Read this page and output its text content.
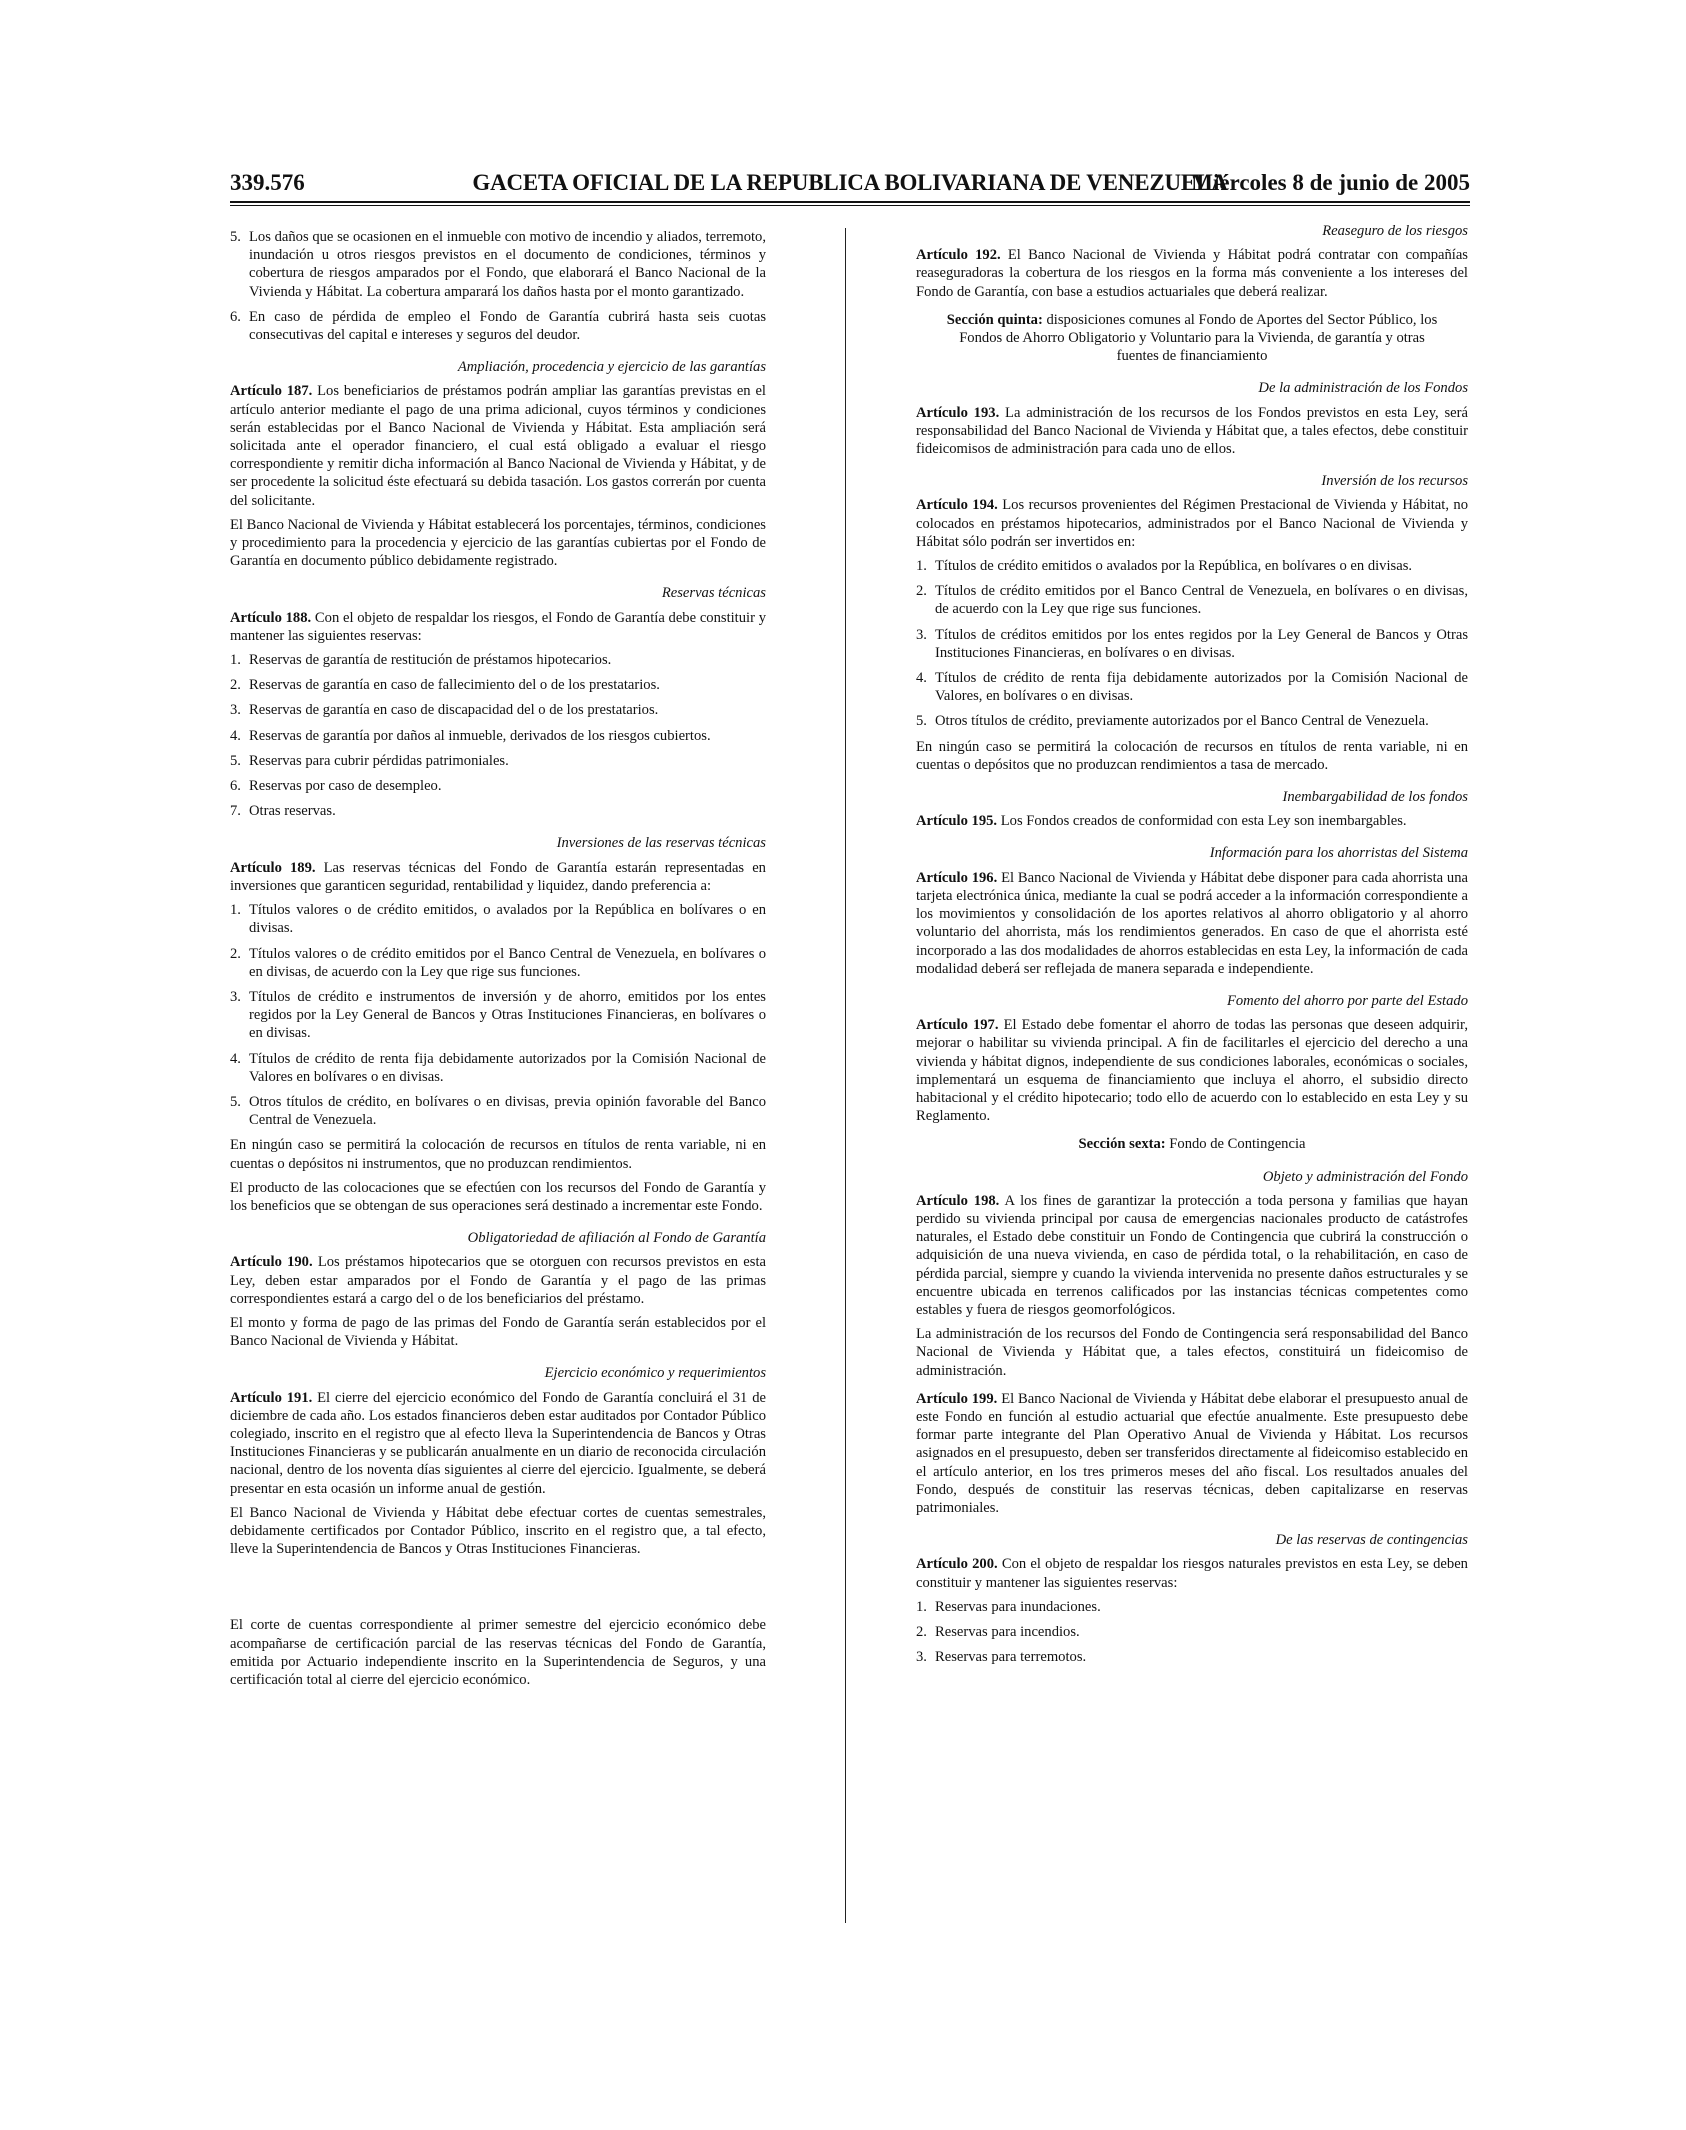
339.576	GACETA OFICIAL DE LA REPUBLICA BOLIVARIANA DE VENEZUELA
Miércoles 8 de junio de 2005
5. Los daños que se ocasionen en el inmueble con motivo de incendio y aliados, terremoto, inundación u otros riesgos previstos en el documento de condiciones, términos y cobertura de riesgos amparados por el Fondo, que elaborará el Banco Nacional de la Vivienda y Hábitat. La cobertura amparará los daños hasta por el monto garantizado.
6. En caso de pérdida de empleo el Fondo de Garantía cubrirá hasta seis cuotas consecutivas del capital e intereses y seguros del deudor.
Ampliación, procedencia y ejercicio de las garantías

Artículo 187. Los beneficiarios de préstamos podrán ampliar las garantías previstas en el artículo anterior mediante el pago de una prima adicional, cuyos términos y condiciones serán establecidas por el Banco Nacional de Vivienda y Hábitat. Esta ampliación será solicitada ante el operador financiero, el cual está obligado a evaluar el riesgo correspondiente y remitir dicha información al Banco Nacional de Vivienda y Hábitat, y de ser procedente la solicitud éste efectuará su debida tasación. Los gastos correrán por cuenta del solicitante.

El Banco Nacional de Vivienda y Hábitat establecerá los porcentajes, términos, condiciones y procedimiento para la procedencia y ejercicio de las garantías cubiertas por el Fondo de Garantía en documento público debidamente registrado.

Reservas técnicas

Artículo 188. Con el objeto de respaldar los riesgos, el Fondo de Garantía debe constituir y mantener las siguientes reservas:

1. Reservas de garantía de restitución de préstamos hipotecarios.
2. Reservas de garantía en caso de fallecimiento del o de los prestatarios.
3. Reservas de garantía en caso de discapacidad del o de los prestatarios.
4. Reservas de garantía por daños al inmueble, derivados de los riesgos cubiertos.
5. Reservas para cubrir pérdidas patrimoniales.
6. Reservas por caso de desempleo.
7. Otras reservas.
Inversiones de las reservas técnicas

Artículo 189. Las reservas técnicas del Fondo de Garantía estarán representadas en inversiones que garanticen seguridad, rentabilidad y liquidez, dando preferencia a:

1. Títulos valores o de crédito emitidos, o avalados por la República en bolívares o en divisas.
2. Títulos valores o de crédito emitidos por el Banco Central de Venezuela, en bolívares o en divisas, de acuerdo con la Ley que rige sus funciones.
3. Títulos de crédito e instrumentos de inversión y de ahorro, emitidos por los entes regidos por la Ley General de Bancos y Otras Instituciones Financieras, en bolívares o en divisas.
4. Títulos de crédito de renta fija debidamente autorizados por la Comisión Nacional de Valores en bolívares o en divisas.
5. Otros títulos de crédito, en bolívares o en divisas, previa opinión favorable del Banco Central de Venezuela.

En ningún caso se permitirá la colocación de recursos en títulos de renta variable, ni en cuentas o depósitos ni instrumentos, que no produzcan rendimientos.

El producto de las colocaciones que se efectúen con los recursos del Fondo de Garantía y los beneficios que se obtengan de sus operaciones será destinado a incrementar este Fondo.

Obligatoriedad de afiliación al Fondo de Garantía

Artículo 190. Los préstamos hipotecarios que se otorguen con recursos previstos en esta Ley, deben estar amparados por el Fondo de Garantía y el pago de las primas correspondientes estará a cargo del o de los beneficiarios del préstamo.

El monto y forma de pago de las primas del Fondo de Garantía serán establecidos por el Banco Nacional de Vivienda y Hábitat.

Ejercicio económico y requerimientos

Artículo 191. El cierre del ejercicio económico del Fondo de Garantía concluirá el 31 de diciembre de cada año. Los estados financieros deben estar auditados por Contador Público colegiado, inscrito en el registro que al efecto lleva la Superintendencia de Bancos y Otras Instituciones Financieras y se publicarán anualmente en un diario de reconocida circulación nacional, dentro de los noventa días siguientes al cierre del ejercicio. Igualmente, se deberá presentar en esta ocasión un informe anual de gestión.

El Banco Nacional de Vivienda y Hábitat debe efectuar cortes de cuentas semestrales, debidamente certificados por Contador Público, inscrito en el registro que, a tal efecto, lleve la Superintendencia de Bancos y Otras Instituciones Financieras.

El corte de cuentas correspondiente al primer semestre del ejercicio económico debe acompañarse de certificación parcial de las reservas técnicas del Fondo de Garantía, emitida por Actuario independiente inscrito en la Superintendencia de Seguros, y una certificación total al cierre del ejercicio económico.

Reaseguro de los riesgos

Artículo 192. El Banco Nacional de Vivienda y Hábitat podrá contratar con compañías reaseguradoras la cobertura de los riesgos en la forma más conveniente a los intereses del Fondo de Garantía, con base a estudios actuariales que deberá realizar.

Sección quinta: disposiciones comunes al Fondo de Aportes del Sector Público, los Fondos de Ahorro Obligatorio y Voluntario para la Vivienda, de garantía y otras fuentes de financiamiento
De la administración de los Fondos

Artículo 193. La administración de los recursos de los Fondos previstos en esta Ley, será responsabilidad del Banco Nacional de Vivienda y Hábitat que, a tales efectos, debe constituir fideicomisos de administración para cada uno de ellos.

Inversión de los recursos

Artículo 194. Los recursos provenientes del Régimen Prestacional de Vivienda y Hábitat, no colocados en préstamos hipotecarios, administrados por el Banco Nacional de Vivienda y Hábitat sólo podrán ser invertidos en:

1. Títulos de crédito emitidos o avalados por la República, en bolívares o en divisas.
2. Títulos de crédito emitidos por el Banco Central de Venezuela, en bolívares o en divisas, de acuerdo con la Ley que rige sus funciones.
3. Títulos de créditos emitidos por los entes regidos por la Ley General de Bancos y Otras Instituciones Financieras, en bolívares o en divisas.
4. Títulos de crédito de renta fija debidamente autorizados por la Comisión Nacional de Valores, en bolívares o en divisas.
5. Otros títulos de crédito, previamente autorizados por el Banco Central de Venezuela.

En ningún caso se permitirá la colocación de recursos en títulos de renta variable, ni en cuentas o depósitos que no produzcan rendimientos a tasa de mercado.

Inembargabilidad de los fondos

Artículo 195. Los Fondos creados de conformidad con esta Ley son inembargables.

Información para los ahorristas del Sistema

Artículo 196. El Banco Nacional de Vivienda y Hábitat debe disponer para cada ahorrista una tarjeta electrónica única, mediante la cual se podrá acceder a la información correspondiente a los movimientos y consolidación de los aportes relativos al ahorro obligatorio y al ahorro voluntario del ahorrista, más los rendimientos generados. En caso de que el ahorrista esté incorporado a las dos modalidades de ahorros establecidas en esta Ley, la información de cada modalidad deberá ser reflejada de manera separada e independiente.

Fomento del ahorro por parte del Estado

Artículo 197. El Estado debe fomentar el ahorro de todas las personas que deseen adquirir, mejorar o habilitar su vivienda principal. A fin de facilitarles el ejercicio del derecho a una vivienda y hábitat dignos, independiente de sus condiciones laborales, económicas o sociales, implementará un esquema de financiamiento que incluya el ahorro, el subsidio directo habitacional y el crédito hipotecario; todo ello de acuerdo con lo establecido en esta Ley y su Reglamento.

Sección sexta: Fondo de Contingencia
Objeto y administración del Fondo

Artículo 198. A los fines de garantizar la protección a toda persona y familias que hayan perdido su vivienda principal por causa de emergencias nacionales producto de catástrofes naturales, el Estado debe constituir un Fondo de Contingencia que cubrirá la construcción o adquisición de una nueva vivienda, en caso de pérdida total, o la rehabilitación, en caso de pérdida parcial, siempre y cuando la vivienda intervenida no presente daños estructurales y se encuentre ubicada en terrenos calificados por las instancias técnicas competentes como estables y fuera de riesgos geomorfológicos.

La administración de los recursos del Fondo de Contingencia será responsabilidad del Banco Nacional de Vivienda y Hábitat que, a tales efectos, constituirá un fideicomiso de administración.

Artículo 199. El Banco Nacional de Vivienda y Hábitat debe elaborar el presupuesto anual de este Fondo en función al estudio actuarial que efectúe anualmente. Este presupuesto debe formar parte integrante del Plan Operativo Anual de Vivienda y Hábitat. Los recursos asignados en el presupuesto, deben ser transferidos directamente al fideicomiso establecido en el artículo anterior, en los tres primeros meses del año fiscal. Los resultados anuales del Fondo, después de constituir las reservas técnicas, deben capitalizarse en reservas patrimoniales.

De las reservas de contingencias

Artículo 200. Con el objeto de respaldar los riesgos naturales previstos en esta Ley, se deben constituir y mantener las siguientes reservas:

1. Reservas para inundaciones.
2. Reservas para incendios.
3. Reservas para terremotos.
